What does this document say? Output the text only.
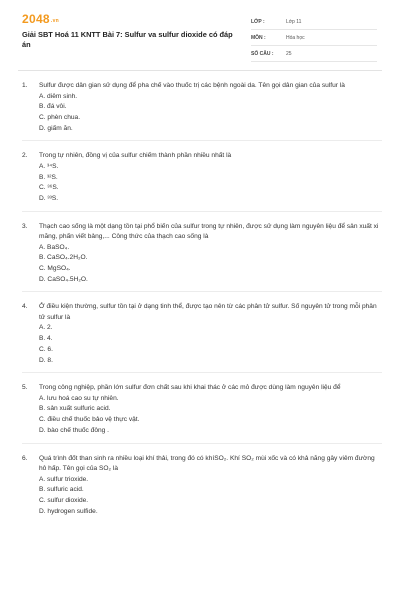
2048.vn
Giải SBT Hoá 11 KNTT Bài 7: Sulfur va sulfur dioxide có đáp án
LỚP :	Lớp 11
MÔN :	Hóa học
SỐ CÂU :	25
1.	Sulfur được dân gian sử dụng để pha chế vào thuốc trị các bệnh ngoài da. Tên gọi dân gian của sulfur là
A. diêm sinh.
B. đá vôi.
C. phèn chua.
D. giấm ăn.
2.	Trong tự nhiên, đồng vị của sulfur chiếm thành phần nhiều nhất là
A. ³⁴S.
B. ³²S.
C. ³⁶S.
D. ³³S.
3.	Thạch cao sống là một dạng tồn tại phổ biến của sulfur trong tự nhiên, được sử dụng làm nguyên liệu để sản xuất xi măng, phấn viết bảng,... Công thức của thạch cao sống là
A. BaSO₄.
B. CaSO₄.2H₂O.
C. MgSO₄.
D. CaSO₄.5H₂O.
4.	Ở điều kiện thường, sulfur tồn tại ở dạng tinh thể, được tạo nên từ các phân tử sulfur. Số nguyên tử trong mỗi phân tử sulfur là
A. 2.
B. 4.
C. 6.
D. 8.
5.	Trong công nghiệp, phần lớn sulfur đơn chất sau khi khai thác ở các mỏ được dùng làm nguyên liệu để
A. lưu hoá cao su tự nhiên.
B. sản xuất sulfuric acid.
C. điều chế thuốc bảo vệ thực vật.
D. bào chế thuốc đông .
6.	Quá trình đốt than sinh ra nhiều loại khí thải, trong đó có khíSO₂. Khí SO₂ mùi xốc và có khả năng gây viêm đường hô hấp. Tên gọi của SO₂ là
A. sulfur trioxide.
B. sulfuric acid.
C. sulfur dioxide.
D. hydrogen sulfide.
